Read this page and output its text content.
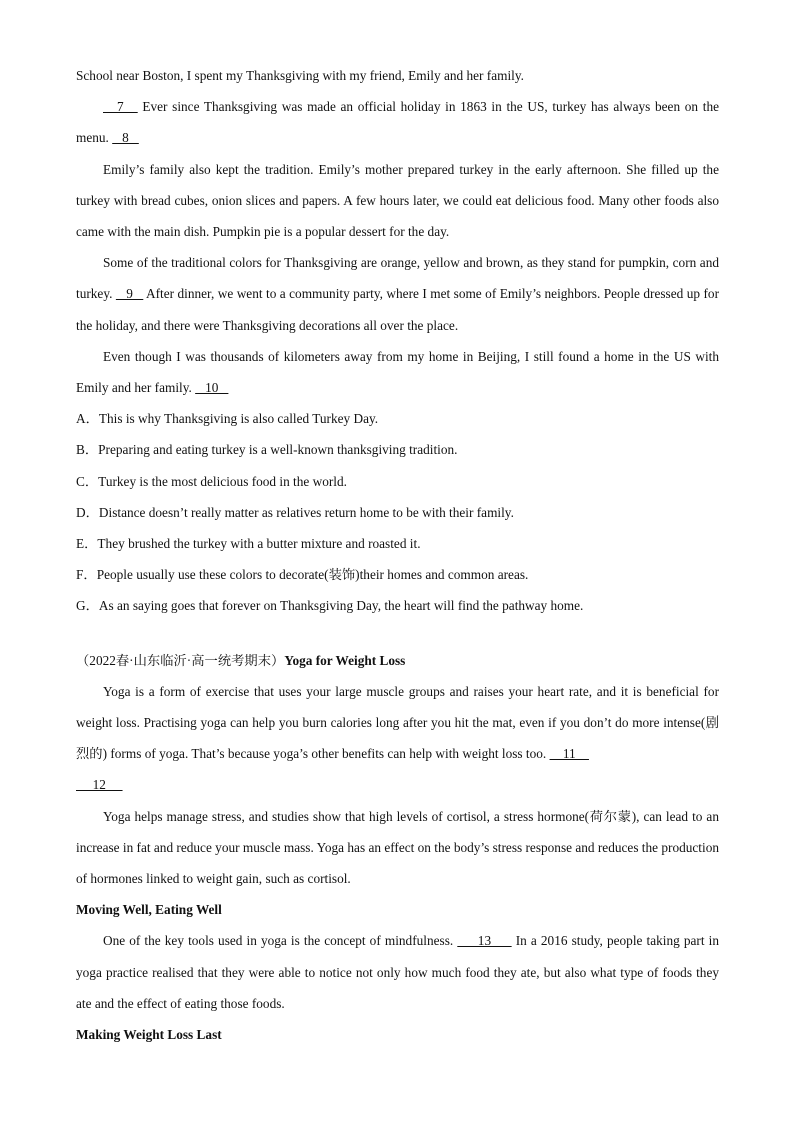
School near Boston, I spent my Thanksgiving with my friend, Emily and her family.

7    Ever since Thanksgiving was made an official holiday in 1863 in the US, turkey has always been on the menu.    8

Emily’s family also kept the tradition. Emily’s mother prepared turkey in the early afternoon. She filled up the turkey with bread cubes, onion slices and papers. A few hours later, we could eat delicious food. Many other foods also came with the main dish. Pumpkin pie is a popular dessert for the day.

Some of the traditional colors for Thanksgiving are orange, yellow and brown, as they stand for pumpkin, corn and turkey.    9    After dinner, we went to a community party, where I met some of Emily’s neighbors. People dressed up for the holiday, and there were Thanksgiving decorations all over the place.

Even though I was thousands of kilometers away from my home in Beijing, I still found a home in the US with Emily and her family.    10

A．This is why Thanksgiving is also called Turkey Day.

B．Preparing and eating turkey is a well-known thanksgiving tradition.

C．Turkey is the most delicious food in the world.

D．Distance doesn’t really matter as relatives return home to be with their family.

E．They brushed the turkey with a butter mixture and roasted it.

F．People usually use these colors to decorate(装饰)their homes and common areas.

G．As an saying goes that forever on Thanksgiving Day, the heart will find the pathway home.

（2022春·山东临沂·高一统考期末）Yoga for Weight Loss

Yoga is a form of exercise that uses your large muscle groups and raises your heart rate, and it is beneficial for weight loss. Practising yoga can help you burn calories long after you hit the mat, even if you don’t do more intense(剧烈的) forms of yoga. That’s because yoga’s other benefits can help with weight loss too.     11

12

Yoga helps manage stress, and studies show that high levels of cortisol, a stress hormone(荷尔蒙), can lead to an increase in fat and reduce your muscle mass. Yoga has an effect on the body’s stress response and reduces the production of hormones linked to weight gain, such as cortisol.

Moving Well, Eating Well

One of the key tools used in yoga is the concept of mindfulness.      13      In a 2016 study, people taking part in yoga practice realised that they were able to notice not only how much food they ate, but also what type of foods they ate and the effect of eating those foods.

Making Weight Loss Last
